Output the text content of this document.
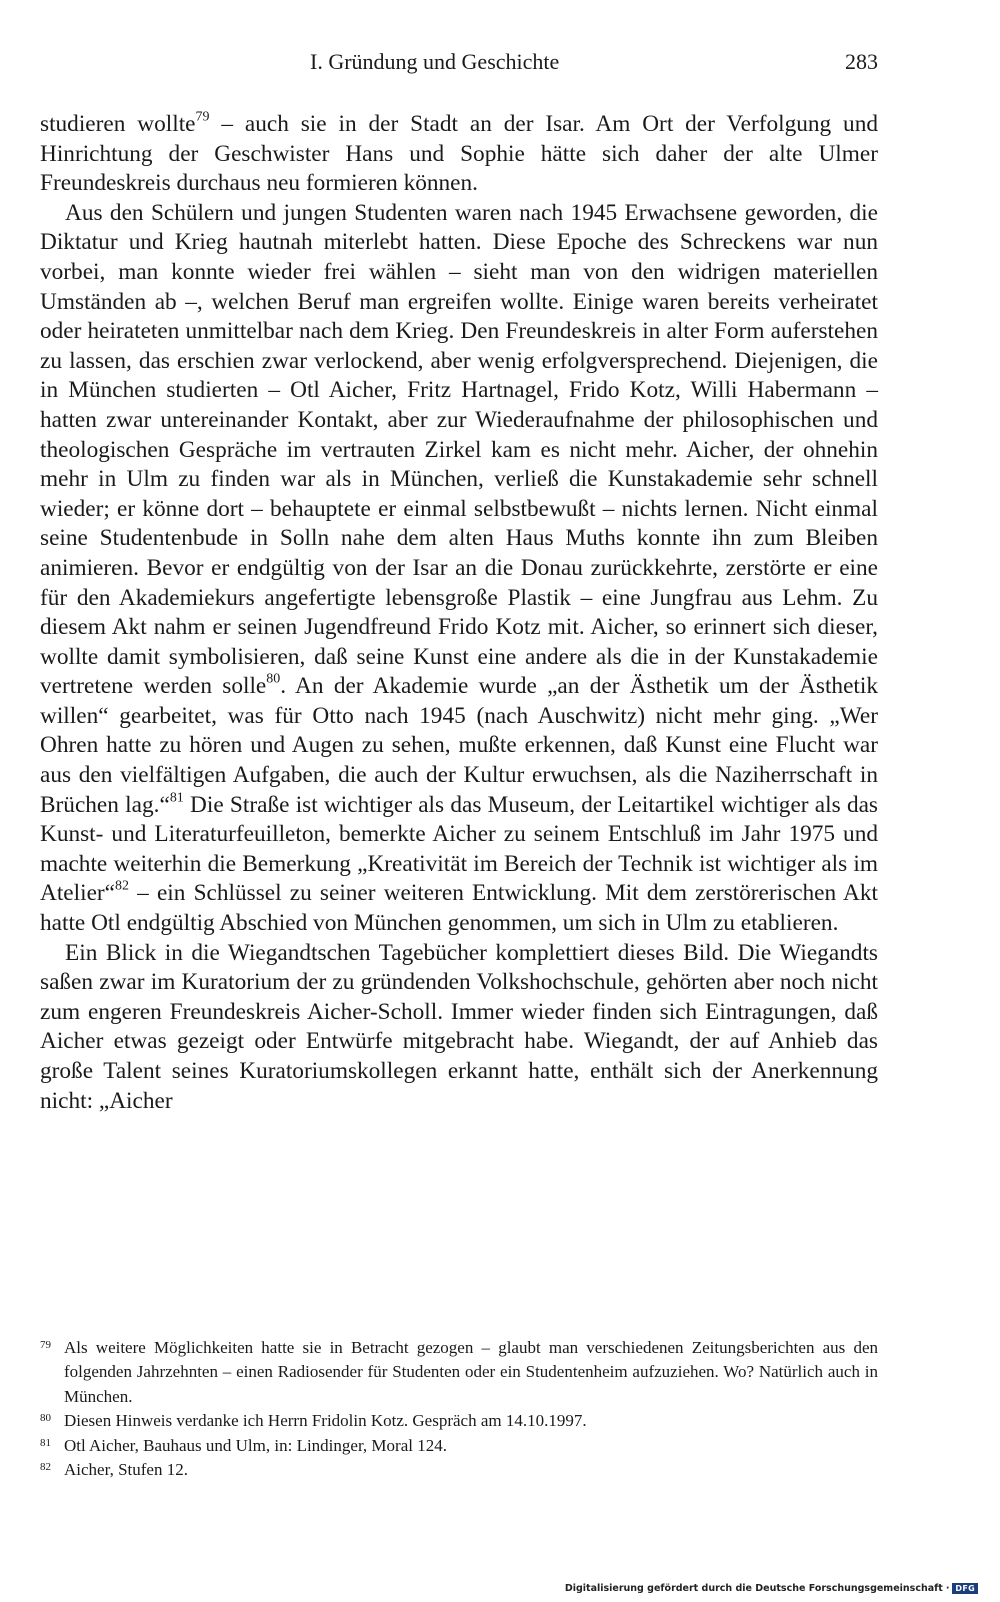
I. Gründung und Geschichte	283

studieren wollte$^{79}$ – auch sie in der Stadt an der Isar. Am Ort der Verfolgung und Hinrichtung der Geschwister Hans und Sophie hätte sich daher der alte Ulmer Freundeskreis durchaus neu formieren können.

Aus den Schülern und jungen Studenten waren nach 1945 Erwachsene geworden, die Diktatur und Krieg hautnah miterlebt hatten. Diese Epoche des Schreckens war nun vorbei, man konnte wieder frei wählen – sieht man von den widrigen materiellen Umständen ab –, welchen Beruf man ergreifen wollte. Einige waren bereits verheiratet oder heirateten unmittelbar nach dem Krieg. Den Freundeskreis in alter Form auferstehen zu lassen, das erschien zwar verlockend, aber wenig erfolgversprechend. Diejenigen, die in München studierten – Otl Aicher, Fritz Hartnagel, Frido Kotz, Willi Habermann – hatten zwar untereinander Kontakt, aber zur Wiederaufnahme der philosophischen und theologischen Gespräche im vertrauten Zirkel kam es nicht mehr. Aicher, der ohnehin mehr in Ulm zu finden war als in München, verließ die Kunstakademie sehr schnell wieder; er könne dort – behauptete er einmal selbstbewußt – nichts lernen. Nicht einmal seine Studentenbude in Solln nahe dem alten Haus Muths konnte ihn zum Bleiben animieren. Bevor er endgültig von der Isar an die Donau zurückkehrte, zerstörte er eine für den Akademiekurs angefertigte lebensgroße Plastik – eine Jungfrau aus Lehm. Zu diesem Akt nahm er seinen Jugendfreund Frido Kotz mit. Aicher, so erinnert sich dieser, wollte damit symbolisieren, daß seine Kunst eine andere als die in der Kunstakademie vertretene werden solle$^{80}$. An der Akademie wurde „an der Ästhetik um der Ästhetik willen“ gearbeitet, was für Otto nach 1945 (nach Auschwitz) nicht mehr ging. „Wer Ohren hatte zu hören und Augen zu sehen, mußte erkennen, daß Kunst eine Flucht war aus den vielfältigen Aufgaben, die auch der Kultur erwuchsen, als die Naziherrschaft in Brüchen lag.“$^{81}$ Die Straße ist wichtiger als das Museum, der Leitartikel wichtiger als das Kunst- und Literaturfeuilleton, bemerkte Aicher zu seinem Entschluß im Jahr 1975 und machte weiterhin die Bemerkung „Kreativität im Bereich der Technik ist wichtiger als im Atelier“$^{82}$ – ein Schlüssel zu seiner weiteren Entwicklung. Mit dem zerstörerischen Akt hatte Otl endgültig Abschied von München genommen, um sich in Ulm zu etablieren.

Ein Blick in die Wiegandtschen Tagebücher komplettiert dieses Bild. Die Wiegandts saßen zwar im Kuratorium der zu gründenden Volkshochschule, gehörten aber noch nicht zum engeren Freundeskreis Aicher-Scholl. Immer wieder finden sich Eintragungen, daß Aicher etwas gezeigt oder Entwürfe mitgebracht habe. Wiegandt, der auf Anhieb das große Talent seines Kuratoriumskollegen erkannt hatte, enthält sich der Anerkennung nicht: „Aicher

79 Als weitere Möglichkeiten hatte sie in Betracht gezogen – glaubt man verschiedenen Zeitungsberichten aus den folgenden Jahrzehnten – einen Radiosender für Studenten oder ein Studentenheim aufzuziehen. Wo? Natürlich auch in München.

80 Diesen Hinweis verdanke ich Herrn Fridolin Kotz. Gespräch am 14.10.1997.

81 Otl Aicher, Bauhaus und Ulm, in: Lindinger, Moral 124.

82 Aicher, Stufen 12.

Digitalisierung gefördert durch die Deutsche Forschungsgemeinschaft · DFG
